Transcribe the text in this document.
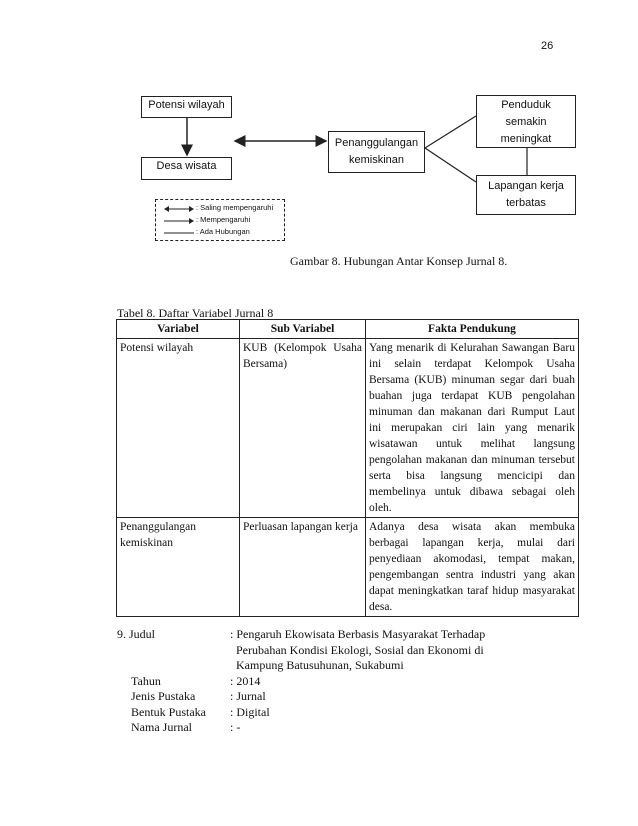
26
Potensi wilayah
Desa wisata
Penanggulangan
kemiskinan
Penduduk
semakin
meningkat
Lapangan kerja
terbatas
: Saling mempengaruhi
: Mempengaruhi
: Ada Hubungan
Gambar 8. Hubungan Antar Konsep Jurnal 8.
Tabel 8. Daftar Variabel Jurnal 8
Variabel	Sub Variabel	Fakta Pendukung
Potensi wilayah	KUB (Kelompok Usaha Bersama)	Yang menarik di Kelurahan Sawangan Baru ini selain terdapat Kelompok Usaha Bersama (KUB) minuman segar dari buah buahan juga terdapat KUB pengolahan minuman dan makanan dari Rumput Laut ini merupakan ciri lain yang menarik wisatawan untuk melihat langsung pengolahan makanan dan minuman tersebut serta bisa langsung mencicipi dan membelinya untuk dibawa sebagai oleh oleh.
Penanggulangan kemiskinan	Perluasan lapangan kerja	Adanya desa wisata akan membuka berbagai lapangan kerja, mulai dari penyediaan akomodasi, tempat makan, pengembangan sentra industri yang akan dapat meningkatkan taraf hidup masyarakat desa.
9. Judul	: Pengaruh Ekowisata Berbasis Masyarakat Terhadap
Perubahan Kondisi Ekologi, Sosial dan Ekonomi di
Kampung Batusuhunan, Sukabumi
Tahun	: 2014
Jenis Pustaka	: Jurnal
Bentuk Pustaka : Digital
Nama Jurnal	: -
